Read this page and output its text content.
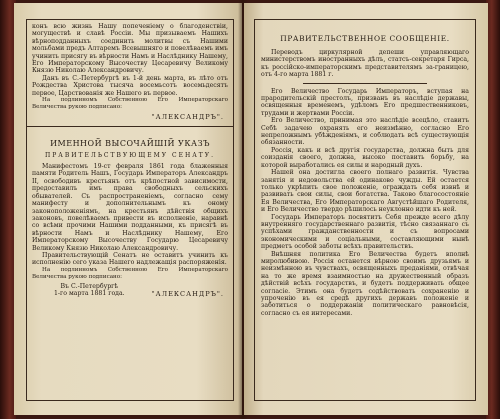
конъ всю жизнь Нашу попеченiему о благоденствiи, могуществѣ и славѣ Россiи. Мы призываемъ Нашихъ вѣрноподданныхъ соединить молитвы съ Нашими мольбами предъ Алтаремъ Всевышняго и повелѣваемъ имъ учинить присягу въ вѣрности Намъ и Наслѣднику Нашему, Его Императорскому Высочеству Цесаревичу Великому Князю Николаю Александровичу.

Данъ въ С.-Петербургѣ въ 1-й день марта, въ лѣто отъ Рождества Христова тысяча восемьсотъ восемьдесятъ первое, Царствованiя же Нашего въ первое.

На подлинномъ Собственною Его Императорскаго Величества рукою подписано:

"АЛЕКСАНДРЪ".

ИМЕННОЙ ВЫСОЧАЙШIЙ УКАЗЪ

ПРАВИТЕЛЬСТВУЮЩЕМУ СЕНАТУ.

Манифестомъ 19-ст февраля 1861 года блаженныя памяти Родитель Нашъ, Государь Императоръ Александръ II, освободивъ крестьянъ отъ крѣпостной зависимости, предоставилъ имъ права свободныхъ сельскихъ обывателей. Съ распространенiемъ, согласно сему манифесту и дополнительнымъ къ оному законоположенiямъ, на крестьянъ дѣйствiя общихъ законовъ, повелѣваемъ привести въ исполненiе, наравнѣ со всѣми прочими Нашими подданными, къ присягѣ въ вѣрности Намъ и Наслѣднику Нашему, Его Императорскому Высочеству Государю Цесаревичу Великому Князю Николаю Александровичу.

Правительствующiй Сенатъ не оставитъ учинить къ исполненiю сего указа Нашего надлежащiя распоряженiя.

На подлинномъ Собственною Его Императорскаго Величества рукою подписано:

Въ С.-Петербургѣ
1-го марта 1881 года.	"АЛЕКСАНДРЪ".

ПРАВИТЕЛЬСТВЕННОЕ СООБЩЕНIЕ.

Переводъ циркулярной депеши управляющаго министерствомъ иностранныхъ дѣлъ, статсъ-секретаря Гирса, къ россiйско-императорскимъ представителямъ за-границею, отъ 4-го марта 1881 г.

Его Величество Государь Императоръ, вступая на прародительскiй престолъ, призванъ въ наслѣдiе державы, освященныя временемъ, удѣломъ Его предшественниковъ, трудами и жертвами Россiи.

Его Величество, принимая это наслѣдiе всецѣло, ставитъ Себѣ задачею охранять его неизмѣнно, согласно Его непреложнымъ убѣжденiямъ, и соблюдать всѣ существующiя обязанности.

Россiя, какъ и всѣ другiя государства, должна быть для соизданiя своего, должна, высоко поставить борьбу, на которой выработались ея силы и народный духъ.

Нашей она достигла своего полнаго развитiя. Чувства занятiя и недовольства ей одинаково чужды. Ей остается только укрѣпить свое положенiе, ограждать себя извнѣ и развивать свои силы, свои богатства. Таково благосостоянiе Ея Величества, Его Императорскаго Августѣйшаго Родителя, и Его Величество твердо рѣшилось неуклонно идти къ ней.

Государь Императоръ посвятитъ Себя прежде всего дѣлу внутренняго государственнаго развитiя, тѣсно связаннаго съ успѣхами гражданственности и съ вопросами экономическими и соцiальными, составляющими нынѣ предметъ особой заботы всѣхъ правительствъ.

Внѣшняя политика Его Величества будетъ вполнѣ миролюбивою. Россiя останется вѣрною своимъ друзьямъ и неизмѣнною въ чувствахъ, освященныхъ преданiями, отвѣчая на то же время взаимностью на дружественный образъ дѣйствiй всѣхъ государствъ, и будетъ поддерживать общее согласiе. Этимъ она будетъ содѣйствовать сохраненiю и упроченiю въ ея средѣ другихъ державъ положенiе и заботиться о поддержанiи политическаго равновѣсiя, согласно съ ея интересами.
